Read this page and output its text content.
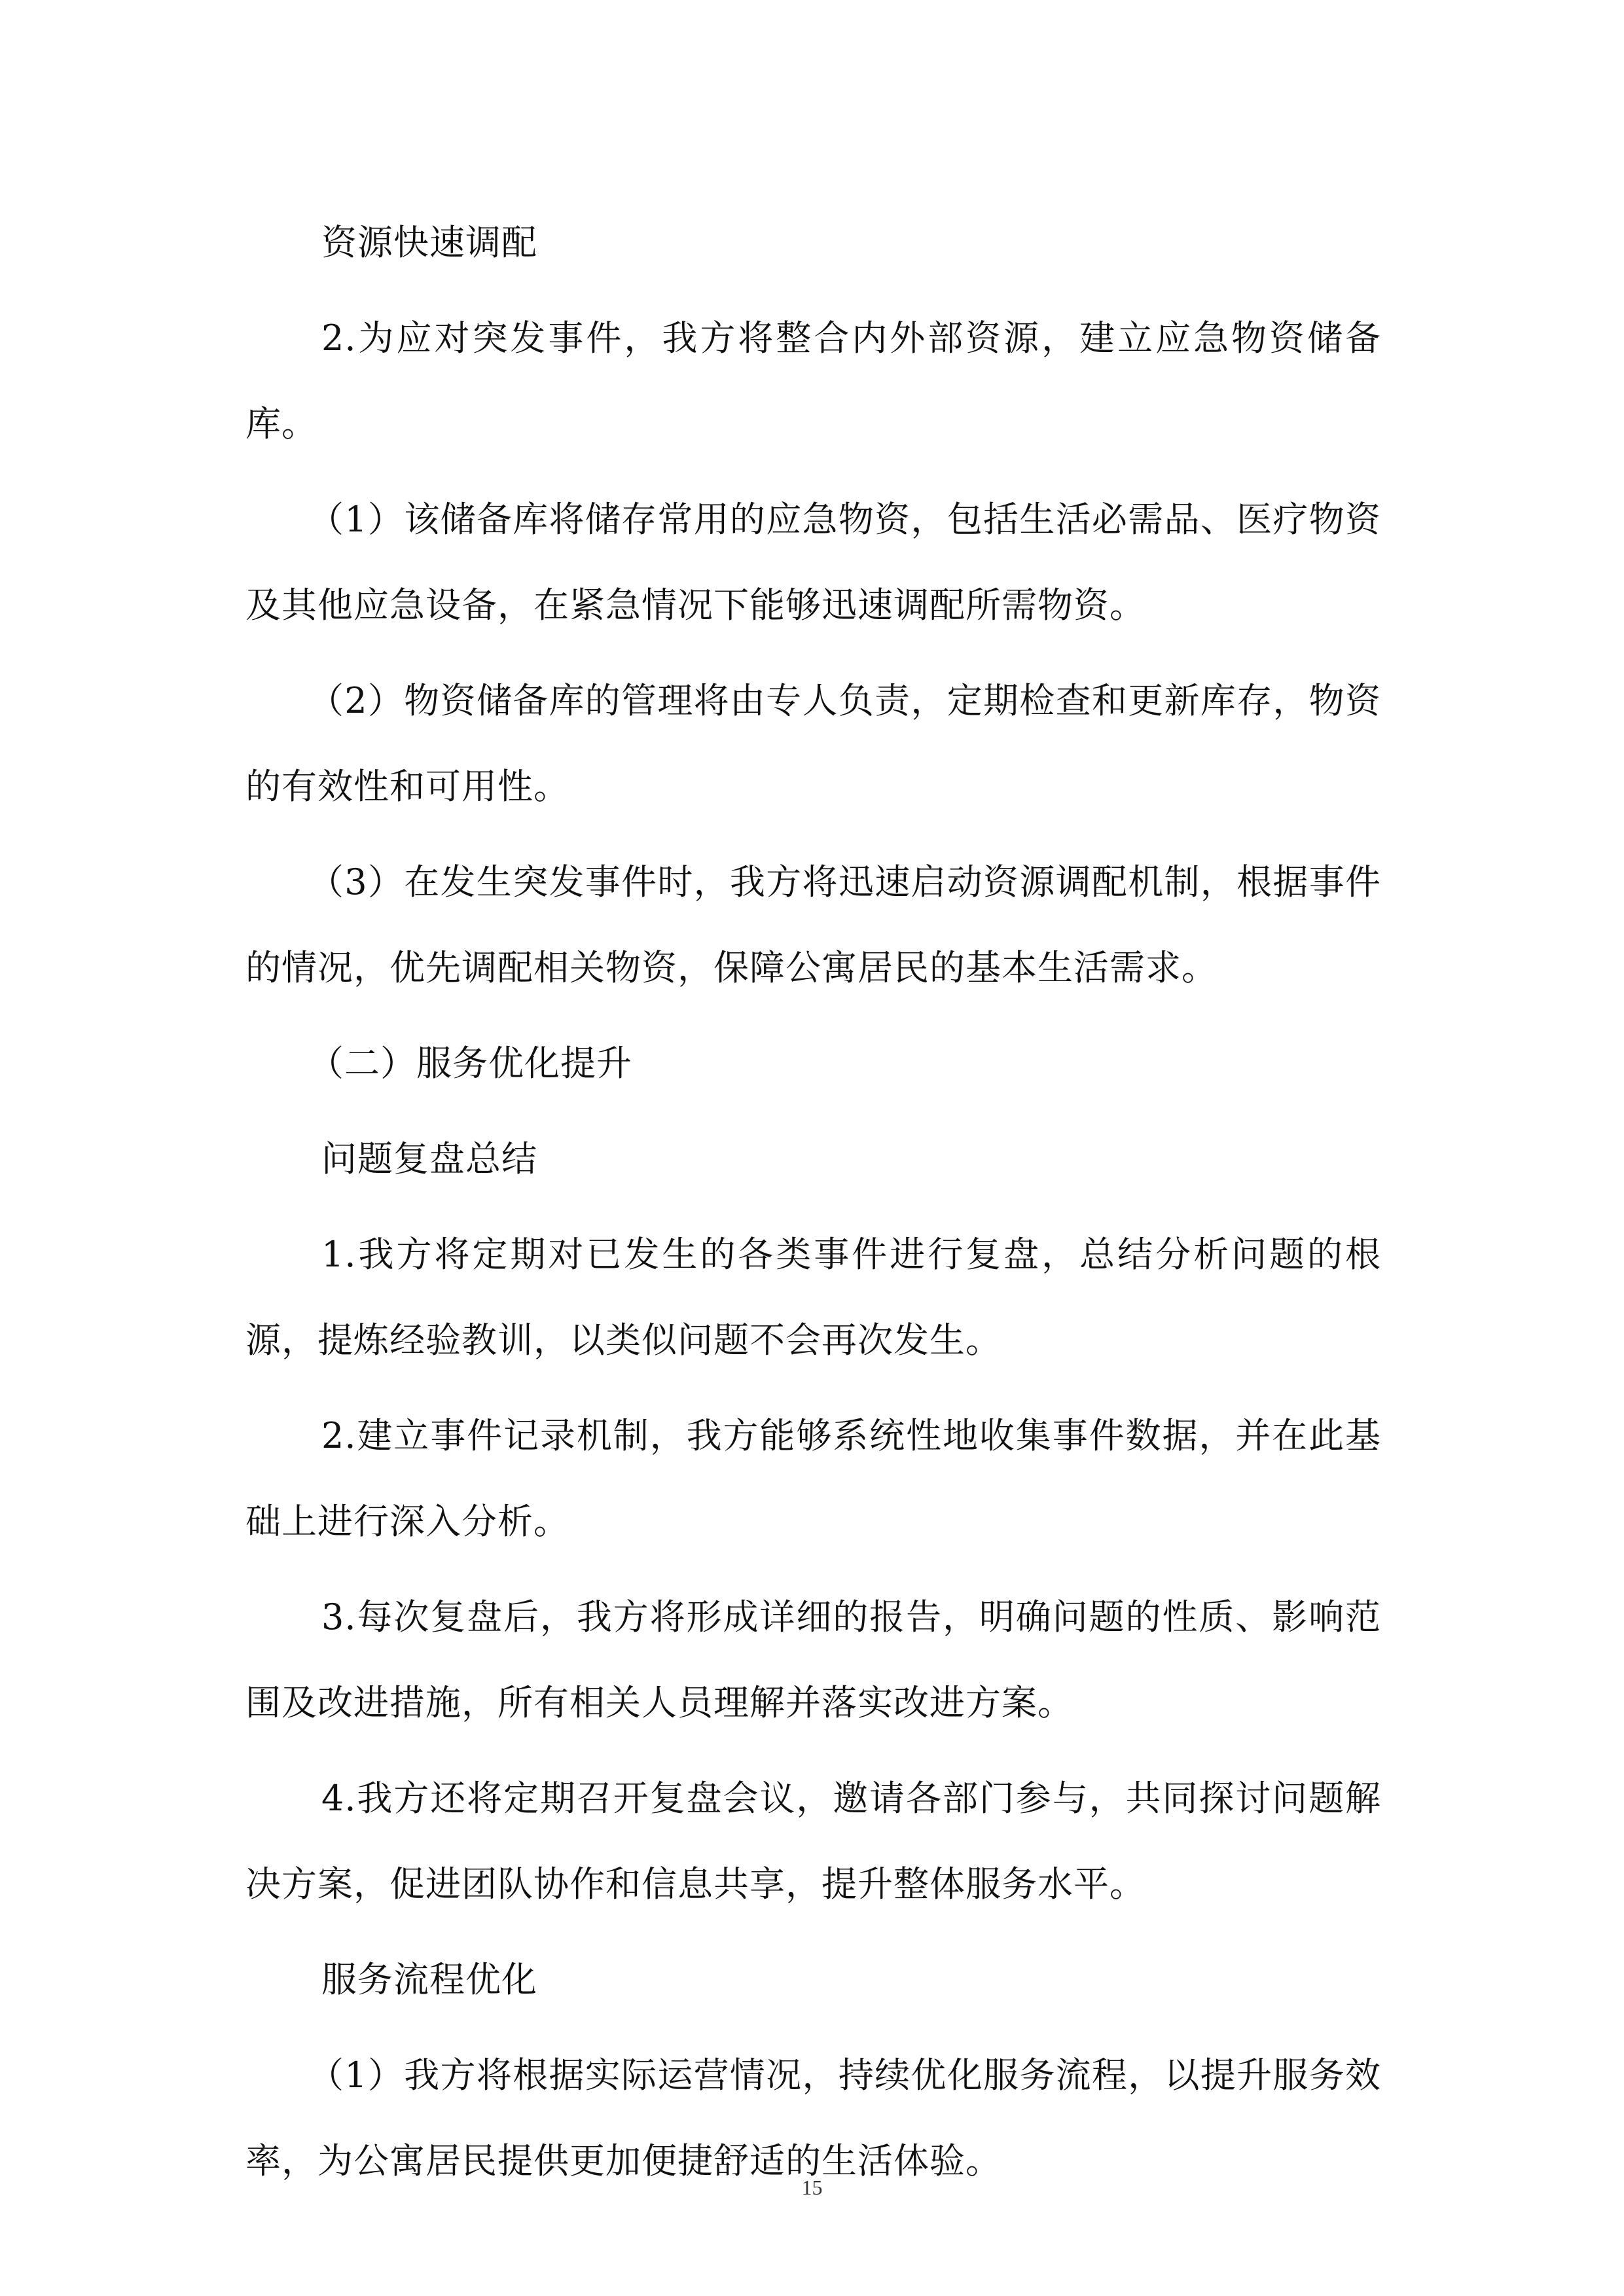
资源快速调配

2.为应对突发事件，我方将整合内外部资源，建立应急物资储备库。

（1）该储备库将储存常用的应急物资，包括生活必需品、医疗物资及其他应急设备，在紧急情况下能够迅速调配所需物资。

（2）物资储备库的管理将由专人负责，定期检查和更新库存，物资的有效性和可用性。

（3）在发生突发事件时，我方将迅速启动资源调配机制，根据事件的情况，优先调配相关物资，保障公寓居民的基本生活需求。

（二）服务优化提升

问题复盘总结

1.我方将定期对已发生的各类事件进行复盘，总结分析问题的根源，提炼经验教训，以类似问题不会再次发生。

2.建立事件记录机制，我方能够系统性地收集事件数据，并在此基础上进行深入分析。

3.每次复盘后，我方将形成详细的报告，明确问题的性质、影响范围及改进措施，所有相关人员理解并落实改进方案。

4.我方还将定期召开复盘会议，邀请各部门参与，共同探讨问题解决方案，促进团队协作和信息共享，提升整体服务水平。

服务流程优化

（1）我方将根据实际运营情况，持续优化服务流程，以提升服务效率，为公寓居民提供更加便捷舒适的生活体验。

15
